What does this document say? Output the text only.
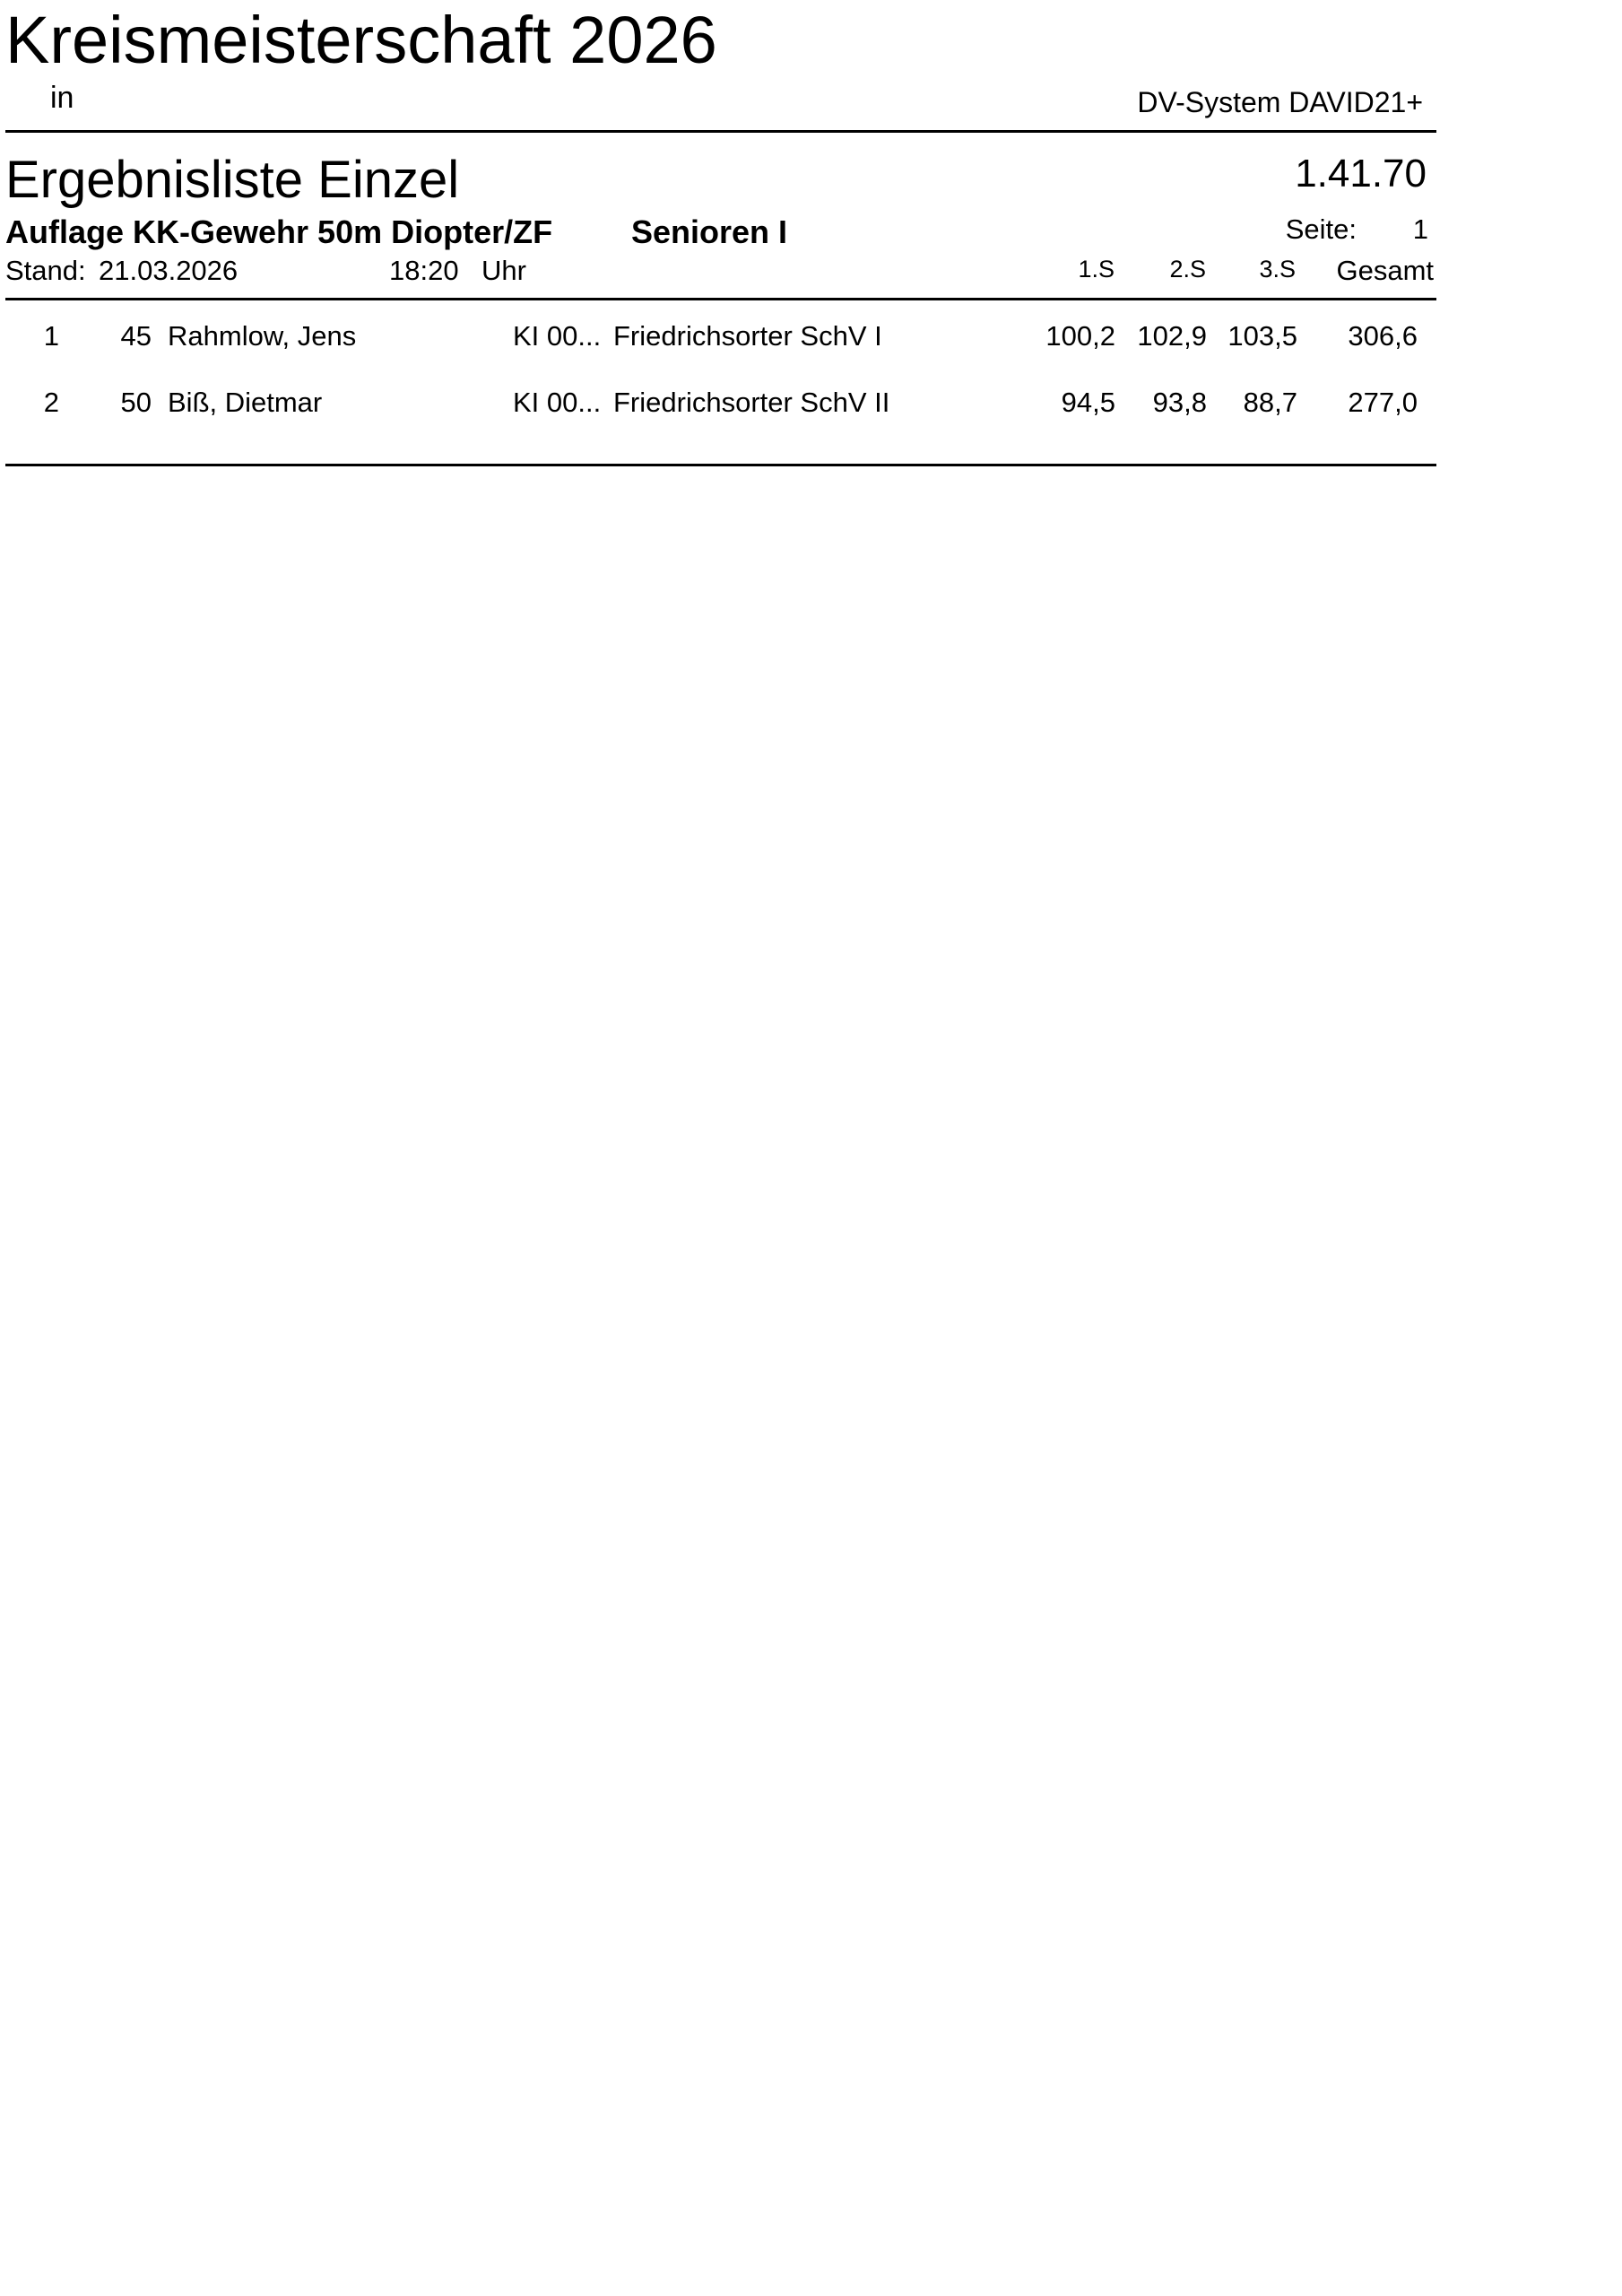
Kreismeisterschaft 2026
in	DV-System DAVID21+
Ergebnisliste Einzel	1.41.70
Auflage KK-Gewehr 50m Diopter/ZF Senioren I	Seite: 1
Stand: 21.03.2026	18:20 Uhr	1.S 2.S 3.S Gesamt
1 45 Rahmlow, Jens	KI 00... Friedrichsorter SchV I	100,2 102,9 103,5 306,6
2 50 Biß, Dietmar	KI 00... Friedrichsorter SchV II	94,5 93,8 88,7 277,0
